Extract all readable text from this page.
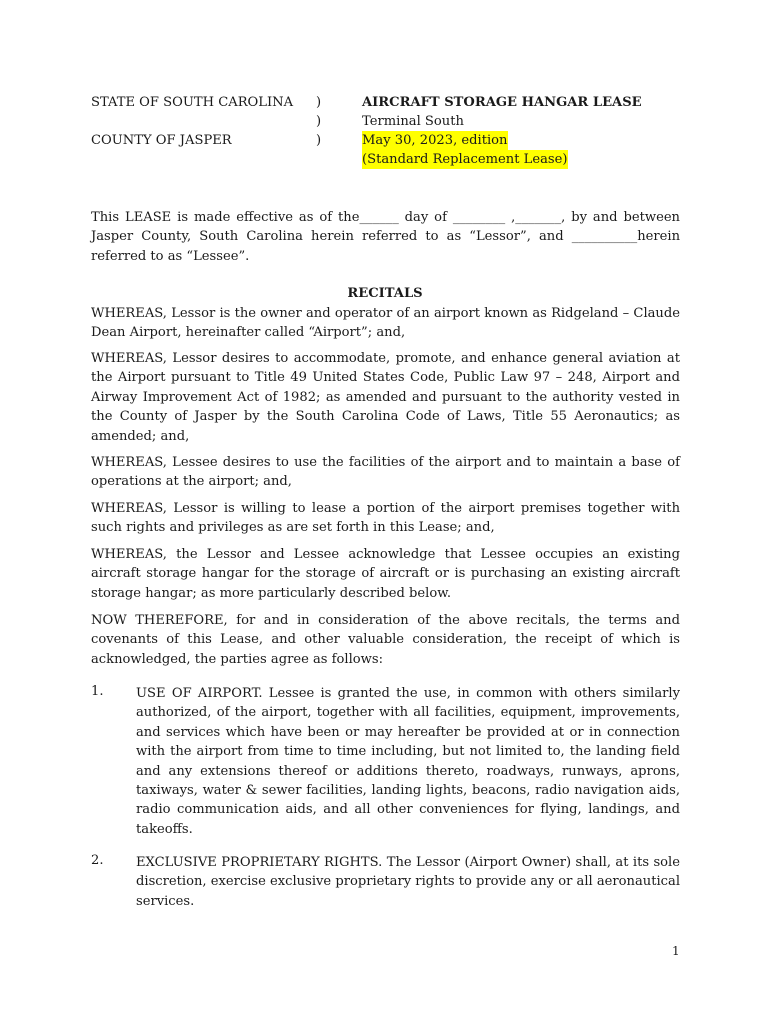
STATE OF SOUTH CAROLINA
COUNTY OF JASPER
)
)
)
AIRCRAFT STORAGE HANGAR LEASE
Terminal South
May 30, 2023, edition
(Standard Replacement Lease)

This LEASE is made effective as of the______ day of ________ ,_______, by and between Jasper County, South Carolina herein referred to as “Lessor”, and __________herein referred to as “Lessee”.

RECITALS

WHEREAS, Lessor is the owner and operator of an airport known as Ridgeland – Claude Dean Airport, hereinafter called “Airport”; and,

WHEREAS, Lessor desires to accommodate, promote, and enhance general aviation at the Airport pursuant to Title 49 United States Code, Public Law 97 – 248, Airport and Airway Improvement Act of 1982; as amended and pursuant to the authority vested in the County of Jasper by the South Carolina Code of Laws, Title 55 Aeronautics; as amended; and,

WHEREAS, Lessee desires to use the facilities of the airport and to maintain a base of operations at the airport; and,

WHEREAS, Lessor is willing to lease a portion of the airport premises together with such rights and privileges as are set forth in this Lease; and,

WHEREAS, the Lessor and Lessee acknowledge that Lessee occupies an existing aircraft storage hangar for the storage of aircraft or is purchasing an existing aircraft storage hangar; as more particularly described below.

NOW THEREFORE, for and in consideration of the above recitals, the terms and covenants of this Lease, and other valuable consideration, the receipt of which is acknowledged, the parties agree as follows:

1. USE OF AIRPORT. Lessee is granted the use, in common with others similarly authorized, of the airport, together with all facilities, equipment, improvements, and services which have been or may hereafter be provided at or in connection with the airport from time to time including, but not limited to, the landing field and any extensions thereof or additions thereto, roadways, runways, aprons, taxiways, water & sewer facilities, landing lights, beacons, radio navigation aids, radio communication aids, and all other conveniences for flying, landings, and takeoffs.

2. EXCLUSIVE PROPRIETARY RIGHTS. The Lessor (Airport Owner) shall, at its sole discretion, exercise exclusive proprietary rights to provide any or all aeronautical services.

1
